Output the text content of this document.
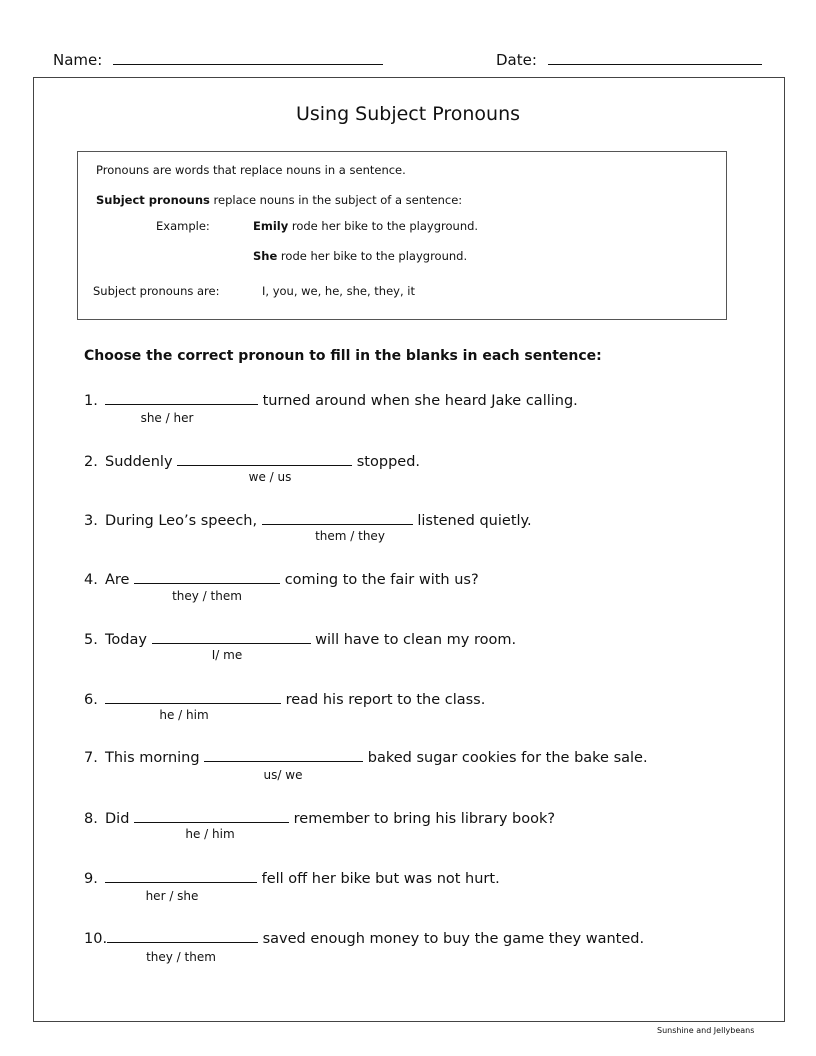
Name:	Date:
Using Subject Pronouns
Pronouns are words that replace nouns in a sentence.
Subject pronouns replace nouns in the subject of a sentence:
Example:	Emily rode her bike to the playground.
She rode her bike to the playground.
Subject pronouns are:	I, you, we, he, she, they, it
Choose the correct pronoun to fill in the blanks in each sentence:
1.	turned around when she heard Jake calling.
she / her
2. Suddenly	stopped.
we / us
3. During Leo’s speech,	listened quietly.
them / they
4. Are	coming to the fair with us?
they / them
5. Today	will have to clean my room.
I/ me
6.	read his report to the class.
he / him
7. This morning	baked sugar cookies for the bake sale.
us/ we
8. Did	remember to bring his library book?
he / him
9.	fell off her bike but was not hurt.
her / she
10.	saved enough money to buy the game they wanted.
they / them
Sunshine and Jellybeans
